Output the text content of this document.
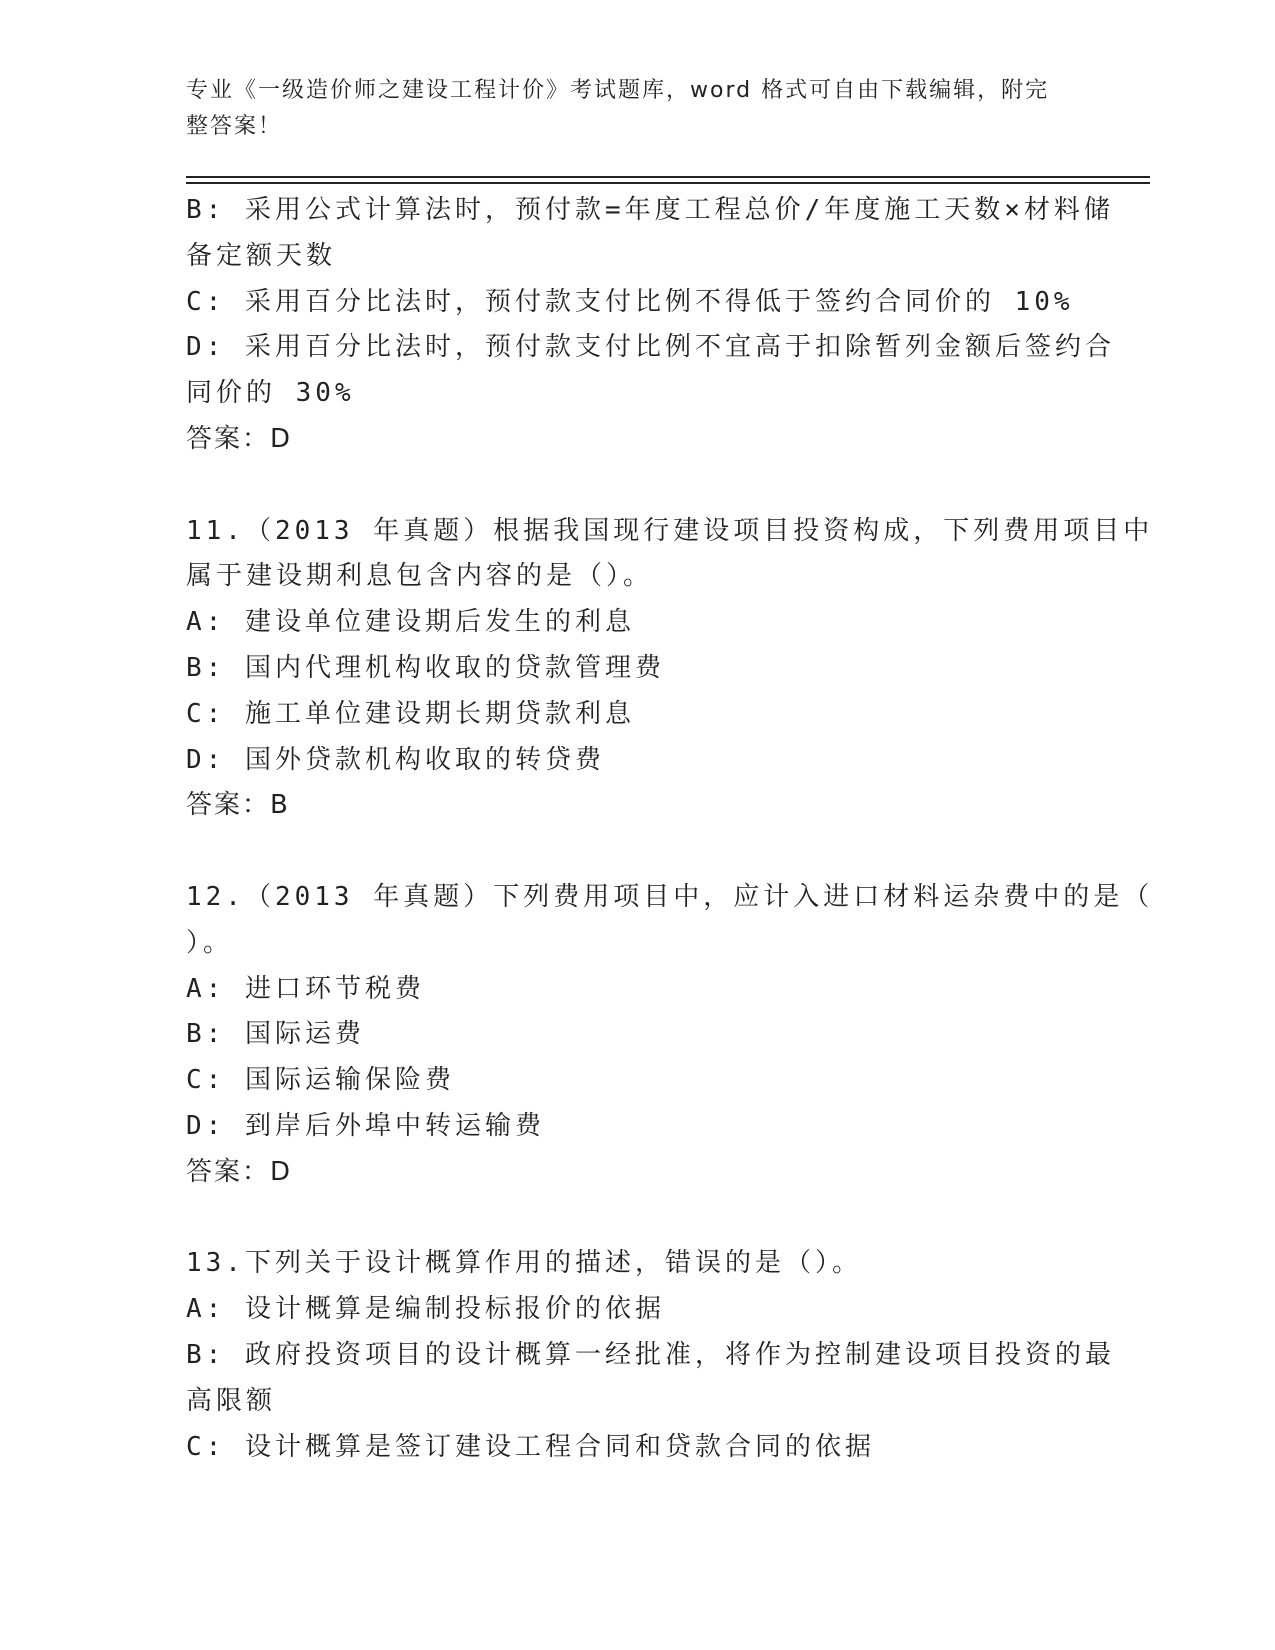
专业《一级造价师之建设工程计价》考试题库，word 格式可自由下载编辑，附完
整答案！
B: 采用公式计算法时，预付款=年度工程总价/年度施工天数×材料储
备定额天数
C: 采用百分比法时，预付款支付比例不得低于签约合同价的 10%
D: 采用百分比法时，预付款支付比例不宜高于扣除暂列金额后签约合
同价的 30%
答案：D
11.（2013 年真题）根据我国现行建设项目投资构成，下列费用项目中
属于建设期利息包含内容的是（）。
A: 建设单位建设期后发生的利息
B: 国内代理机构收取的贷款管理费
C: 施工单位建设期长期贷款利息
D: 国外贷款机构收取的转贷费
答案：B
12.（2013 年真题）下列费用项目中，应计入进口材料运杂费中的是（
）。
A: 进口环节税费
B: 国际运费
C: 国际运输保险费
D: 到岸后外埠中转运输费
答案：D
13.下列关于设计概算作用的描述，错误的是（）。
A: 设计概算是编制投标报价的依据
B: 政府投资项目的设计概算一经批准，将作为控制建设项目投资的最
高限额
C: 设计概算是签订建设工程合同和贷款合同的依据
